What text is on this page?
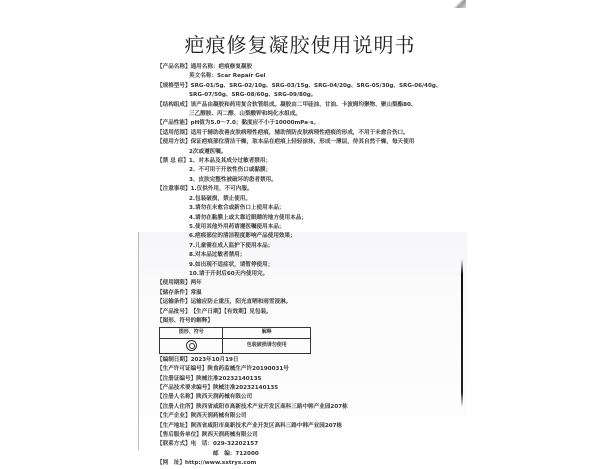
疤痕修复凝胶使用说明书
【产品名称】 通用名称：疤痕修复凝胶
英文名称：Scar Repair Gel
【规格型号】 SRG-01/5g、SRG-02/10g、SRG-03/15g、SRG-04/20g、SRG-05/30g、SRG-06/40g、
SRG-07/50g、SRG-08/60g、SRG-09/80g。
【结构组成】 该产品由凝胶和药用复合软管组成。凝胶由二甲硅油、甘油、卡波姆均聚物、聚山梨酯80、
三乙醇胺、丙二醇、山梨酸钾和纯化水组成。
【产品性能】 pH值为5.0～7.0；黏度应不小于10000mPa·s。
【适用范围】 适用于辅助改善皮肤病理性疤痕，辅助预防皮肤病理性疤痕的形成，不用于未愈合伤口。
【使用方法】 保证疤痕部位清洁干燥，取本品在疤痕上轻轻涂抹，形成一薄层，待其自然干燥，每天使用
2次或遵医嘱。
【禁 忌 症】 1、对本品及其成分过敏者禁用；
2、不可用于开放性伤口或黏膜；
3、皮肤完整性被破坏的患者禁用。
【注意事项】 1.仅供外用，不可内服。
2.包装破损，禁止使用。
3.请勿在未愈合或新伤口上使用本品；
4.请勿在黏膜上或太靠近眼睛的地方使用本品；
5.使用其他外用药请遵医嘱使用本品；
6.疤痕部位的清洁程度影响产品使用效果；
7.儿童需在成人监护下使用本品；
8.对本品过敏者禁用；
9.如出现不适症状，请暂停使用；
10.请于开封后60天内使用完。
【使用期限】 两年
【储存条件】 常温
【运输条件】 运输应防止重压，阳光直晒和雨雪浸淋。
【产品批号】 【生产日期】【有效期】见包装。
【图形、符号的解释】
图形、符号	解释
	包装破损请勿使用
【编制日期】 2023年10月19日
【生产许可证编号】 陕食药监械生产许20190031号
【注册证编号】 陕械注准20232140135
【产品技术要求编号】 陕械注准20232140135
【注册人名称】 陕西天润药械有限公司
【注册人住所】 陕西省咸阳市高新技术产业开发区高科三路中韩产业园207栋
【生产企业】 陕西天润药械有限公司
【生产地址】 陕西省咸阳市高新技术产业开发区高科三路中韩产业园207栋
【售后服务单位】 陕西天润药械有限公司
【联系方式】 电　话：029-32202157
邮　编：712000
【网　址】 http://www.sxtrys.com
